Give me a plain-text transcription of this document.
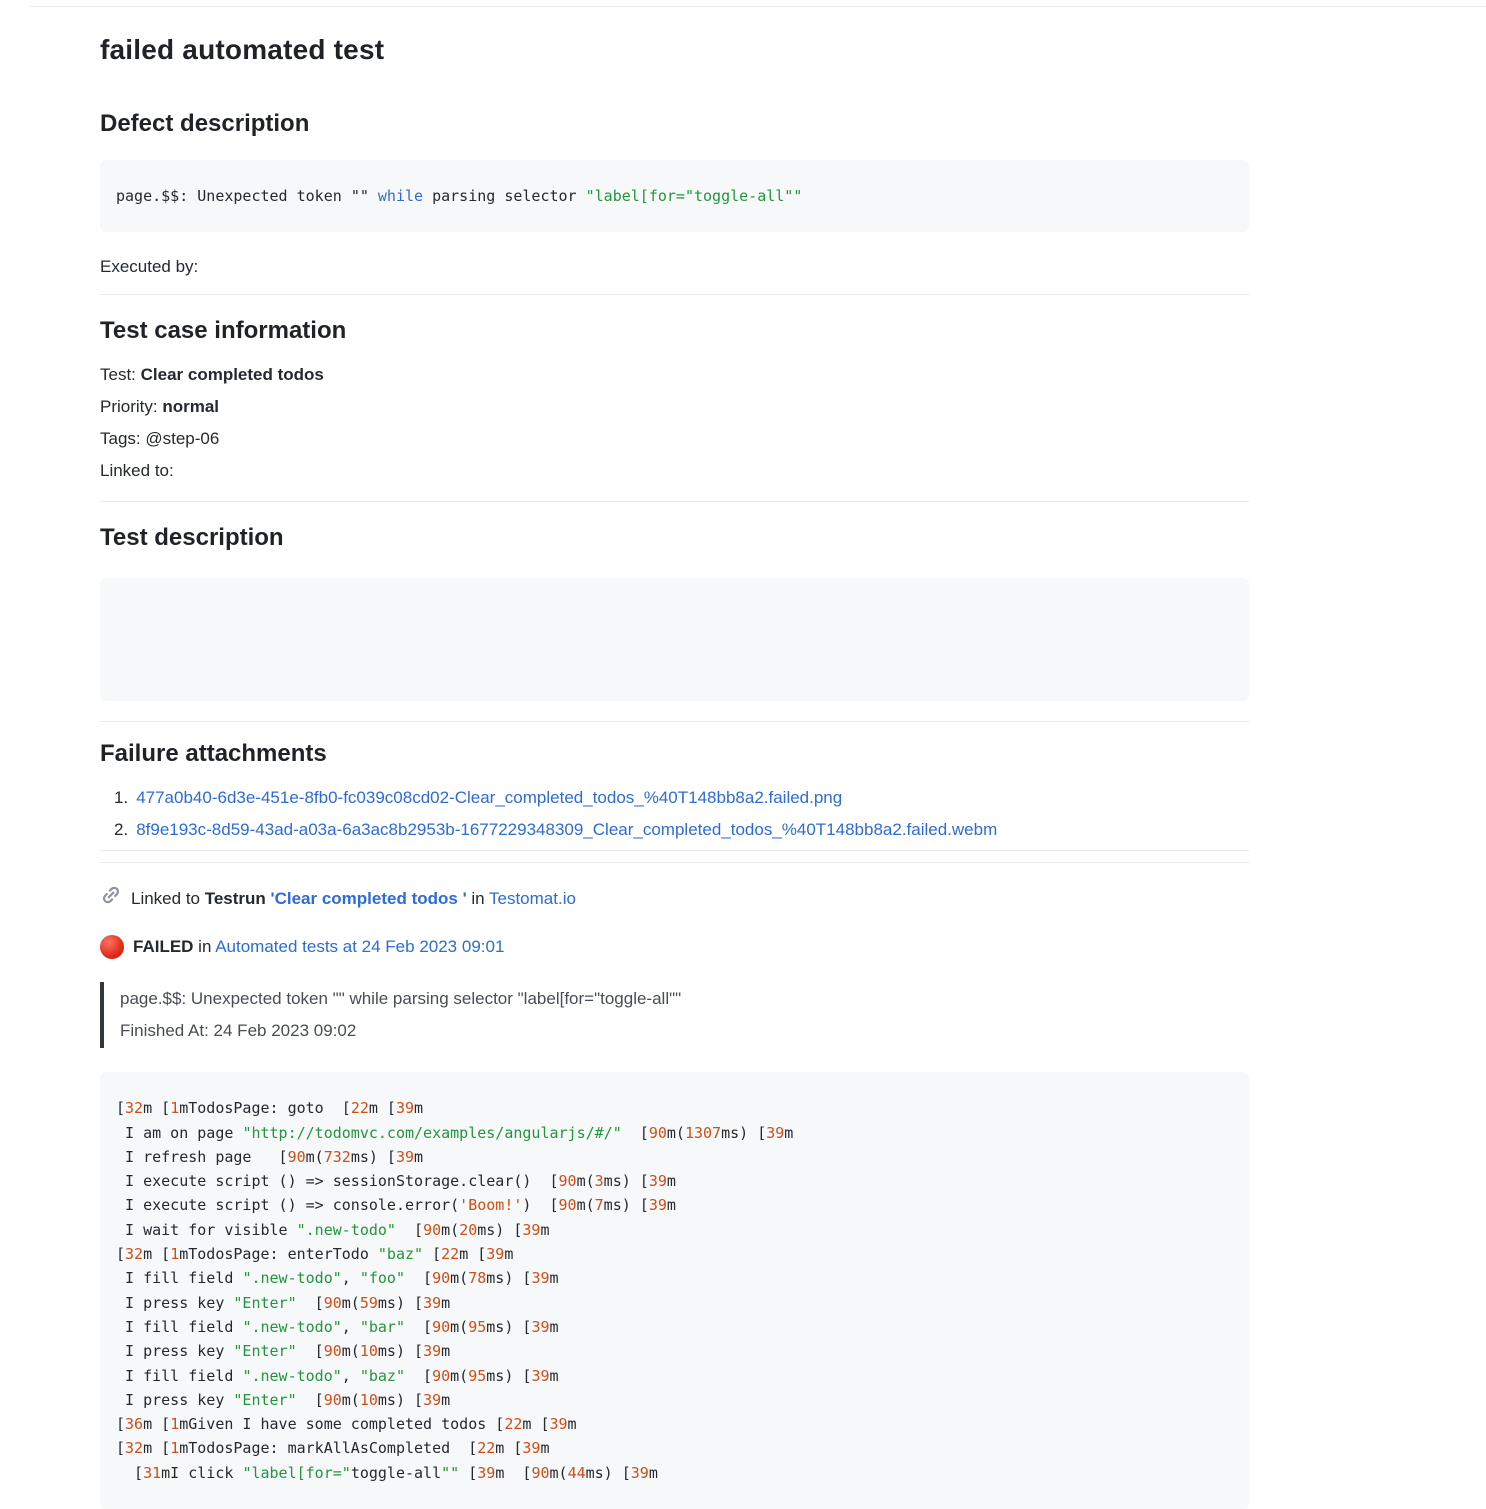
failed automated test
Defect description
page.$$: Unexpected token "" while parsing selector "label[for="toggle-all""
Executed by:
Test case information
Test: Clear completed todos
Priority: normal
Tags: @step-06
Linked to:
Test description
Failure attachments
1. 477a0b40-6d3e-451e-8fb0-fc039c08cd02-Clear_completed_todos_%40T148bb8a2.failed.png
2. 8f9e193c-8d59-43ad-a03a-6a3ac8b2953b-1677229348309_Clear_completed_todos_%40T148bb8a2.failed.webm
Linked to Testrun 'Clear completed todos ' in Testomat.io
FAILED in Automated tests at 24 Feb 2023 09:01
page.$$: Unexpected token "" while parsing selector "label[for="toggle-all""
Finished At: 24 Feb 2023 09:02
[32m [1mTodosPage: goto  [22m [39m
I am on page "http://todomvc.com/examples/angularjs/#/"  [90m(1307ms) [39m
I refresh page   [90m(732ms) [39m
I execute script () => sessionStorage.clear()  [90m(3ms) [39m
I execute script () => console.error('Boom!')  [90m(7ms) [39m
I wait for visible ".new-todo"  [90m(20ms) [39m
[32m [1mTodosPage: enterTodo "baz" [22m [39m
I fill field ".new-todo", "foo"  [90m(78ms) [39m
I press key "Enter"  [90m(59ms) [39m
I fill field ".new-todo", "bar"  [90m(95ms) [39m
I press key "Enter"  [90m(10ms) [39m
I fill field ".new-todo", "baz"  [90m(95ms) [39m
I press key "Enter"  [90m(10ms) [39m
[36m [1mGiven I have some completed todos [22m [39m
[32m [1mTodosPage: markAllAsCompleted  [22m [39m
[31mI click "label[for="toggle-all"" [39m  [90m(44ms) [39m
